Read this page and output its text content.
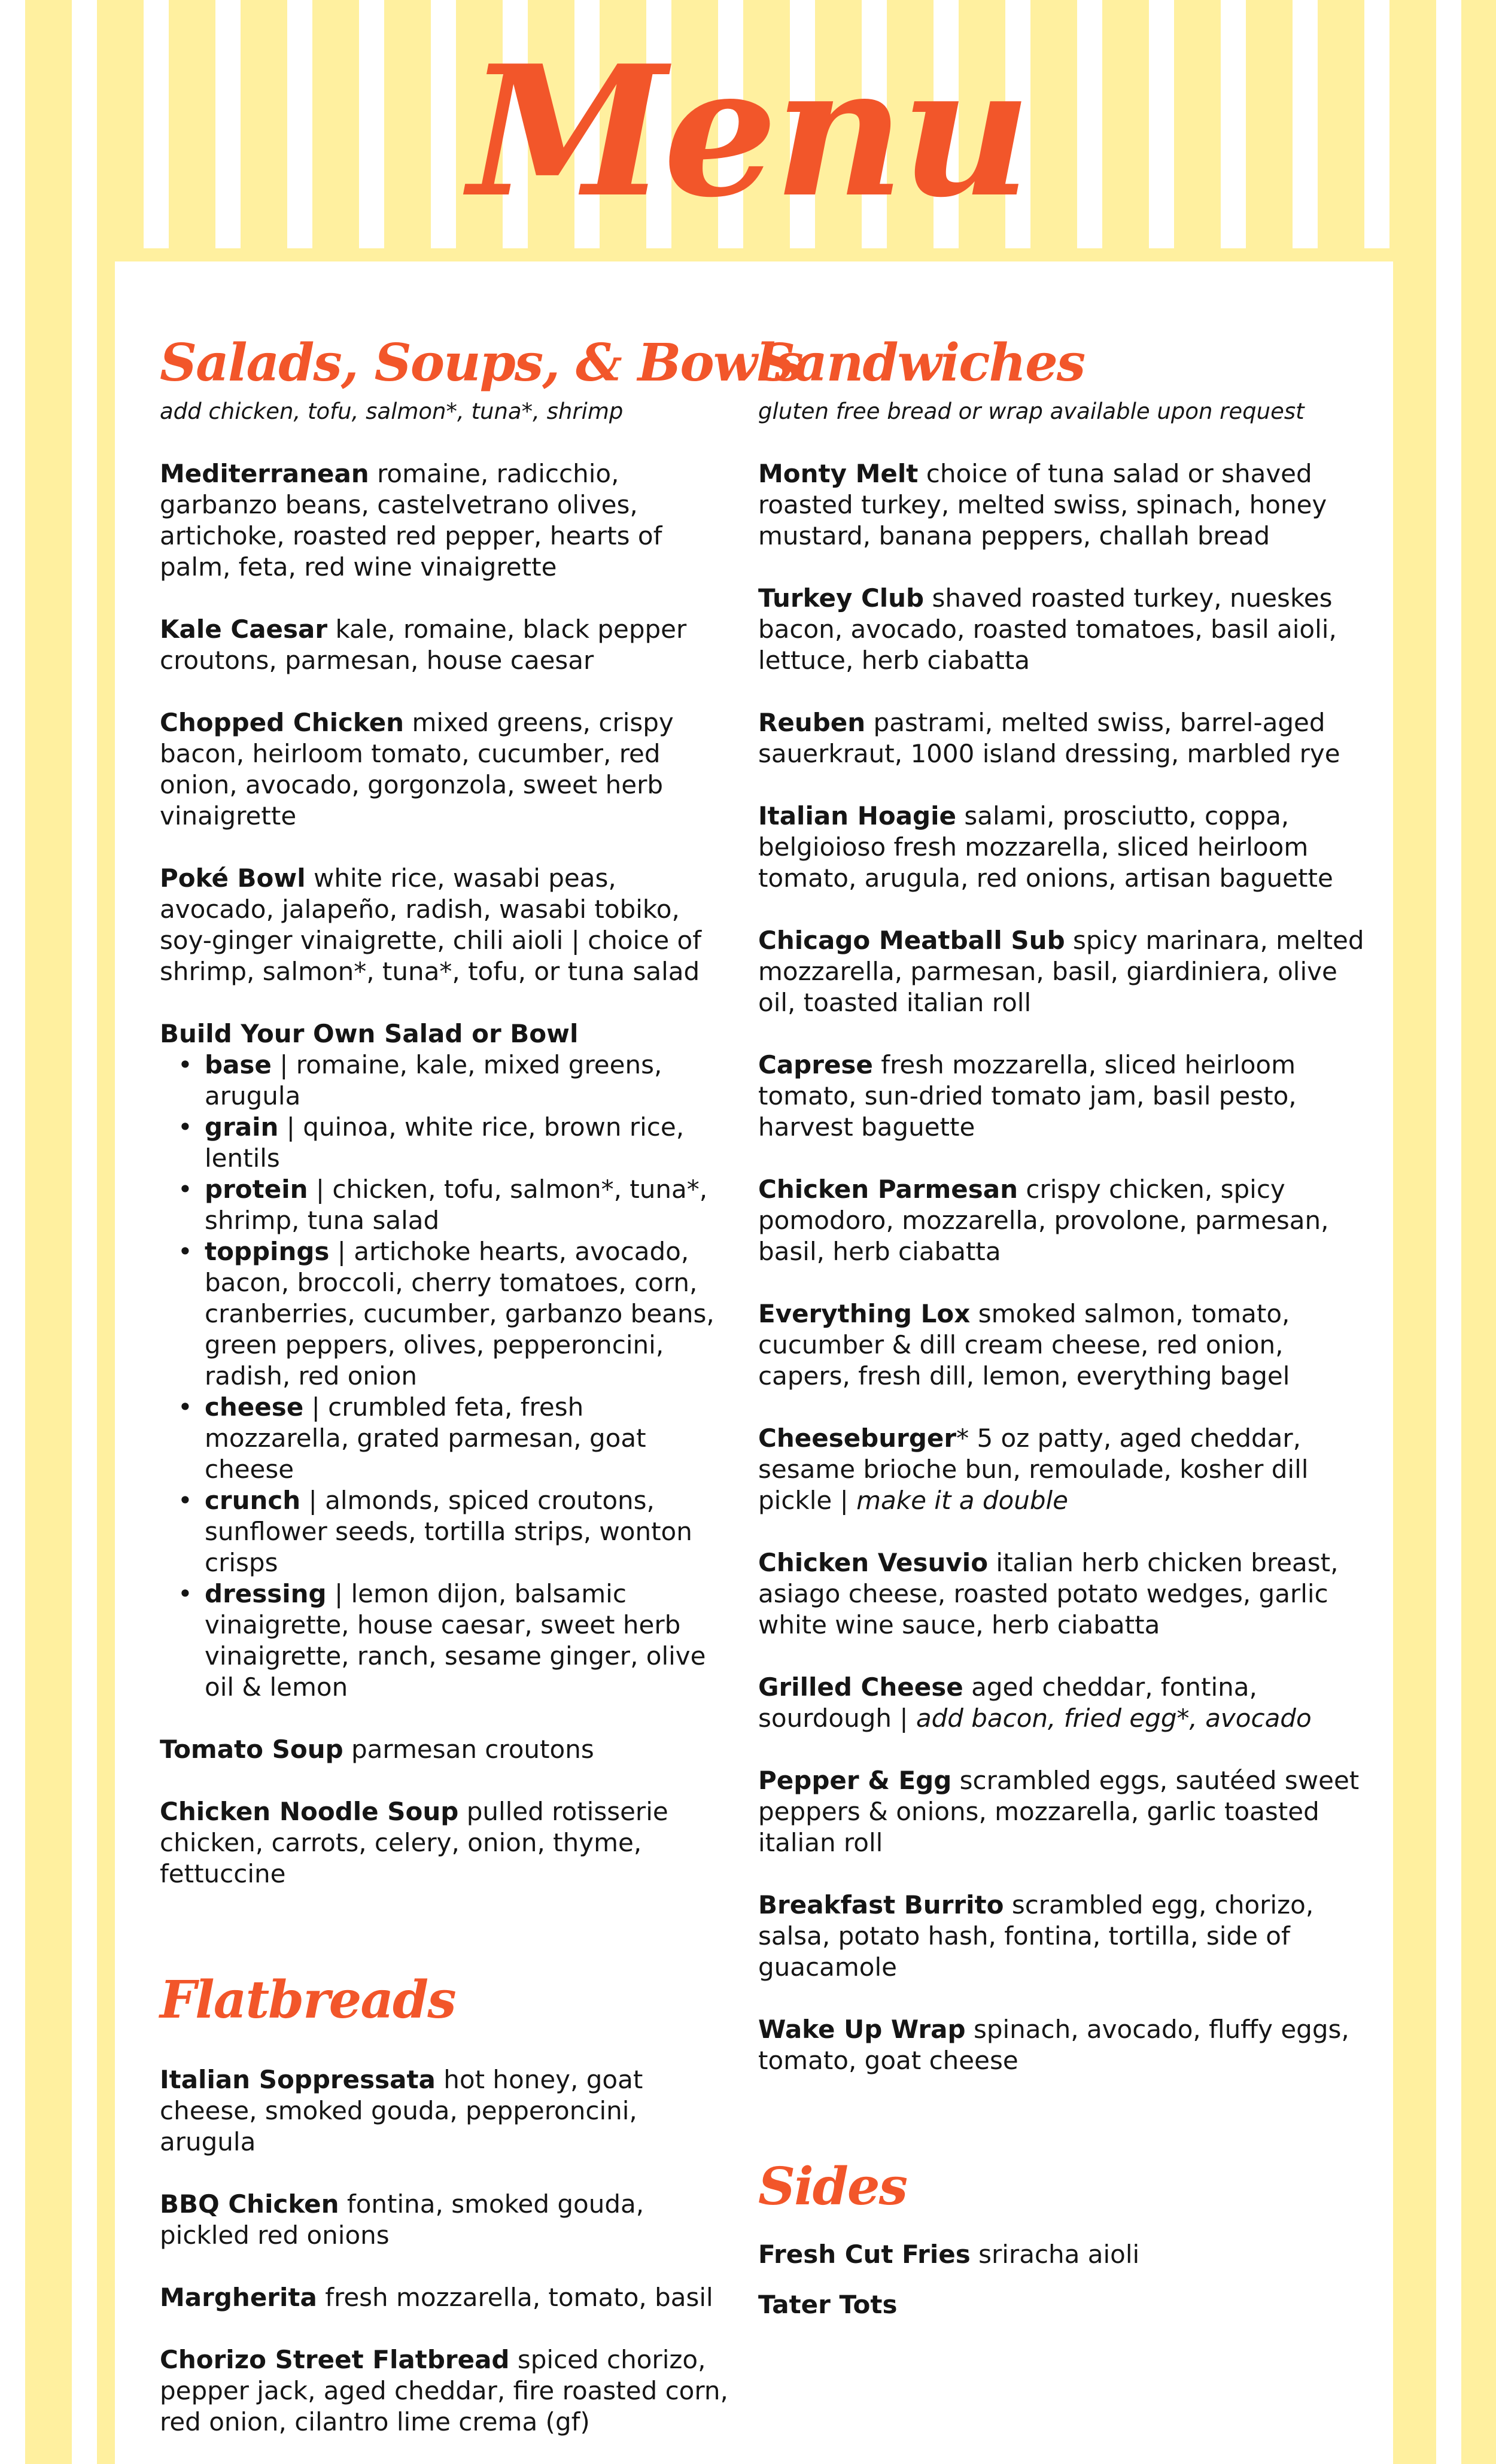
Menu
Salads, Soups, & Bowls
add chicken, tofu, salmon*, tuna*, shrimp
Mediterranean romaine, radicchio, garbanzo beans, castelvetrano olives, artichoke, roasted red pepper, hearts of palm, feta, red wine vinaigrette
Kale Caesar kale, romaine, black pepper croutons, parmesan, house caesar
Chopped Chicken mixed greens, crispy bacon, heirloom tomato, cucumber, red onion, avocado, gorgonzola, sweet herb vinaigrette
Poké Bowl white rice, wasabi peas, avocado, jalapeño, radish, wasabi tobiko, soy-ginger vinaigrette, chili aioli | choice of shrimp, salmon*, tuna*, tofu, or tuna salad
Build Your Own Salad or Bowl
• base | romaine, kale, mixed greens, arugula
• grain | quinoa, white rice, brown rice, lentils
• protein | chicken, tofu, salmon*, tuna*, shrimp, tuna salad
• toppings | artichoke hearts, avocado, bacon, broccoli, cherry tomatoes, corn, cranberries, cucumber, garbanzo beans, green peppers, olives, pepperoncini, radish, red onion
• cheese | crumbled feta, fresh mozzarella, grated parmesan, goat cheese
• crunch | almonds, spiced croutons, sunflower seeds, tortilla strips, wonton crisps
• dressing | lemon dijon, balsamic vinaigrette, house caesar, sweet herb vinaigrette, ranch, sesame ginger, olive oil & lemon
Tomato Soup parmesan croutons
Chicken Noodle Soup pulled rotisserie chicken, carrots, celery, onion, thyme, fettuccine
Flatbreads
Italian Soppressata hot honey, goat cheese, smoked gouda, pepperoncini, arugula
BBQ Chicken fontina, smoked gouda, pickled red onions
Margherita fresh mozzarella, tomato, basil
Chorizo Street Flatbread spiced chorizo, pepper jack, aged cheddar, fire roasted corn, red onion, cilantro lime crema (gf)
Sandwiches
gluten free bread or wrap available upon request
Monty Melt choice of tuna salad or shaved roasted turkey, melted swiss, spinach, honey mustard, banana peppers, challah bread
Turkey Club shaved roasted turkey, nueskes bacon, avocado, roasted tomatoes, basil aioli, lettuce, herb ciabatta
Reuben pastrami, melted swiss, barrel-aged sauerkraut, 1000 island dressing, marbled rye
Italian Hoagie salami, prosciutto, coppa, belgioioso fresh mozzarella, sliced heirloom tomato, arugula, red onions, artisan baguette
Chicago Meatball Sub spicy marinara, melted mozzarella, parmesan, basil, giardiniera, olive oil, toasted italian roll
Caprese fresh mozzarella, sliced heirloom tomato, sun-dried tomato jam, basil pesto, harvest baguette
Chicken Parmesan crispy chicken, spicy pomodoro, mozzarella, provolone, parmesan, basil, herb ciabatta
Everything Lox smoked salmon, tomato, cucumber & dill cream cheese, red onion, capers, fresh dill, lemon, everything bagel
Cheeseburger* 5 oz patty, aged cheddar, sesame brioche bun, remoulade, kosher dill pickle | make it a double
Chicken Vesuvio italian herb chicken breast, asiago cheese, roasted potato wedges, garlic white wine sauce, herb ciabatta
Grilled Cheese aged cheddar, fontina, sourdough | add bacon, fried egg*, avocado
Pepper & Egg scrambled eggs, sautéed sweet peppers & onions, mozzarella, garlic toasted italian roll
Breakfast Burrito scrambled egg, chorizo, salsa, potato hash, fontina, tortilla, side of guacamole
Wake Up Wrap spinach, avocado, fluffy eggs, tomato, goat cheese
Sides
Fresh Cut Fries sriracha aioli
Tater Tots
